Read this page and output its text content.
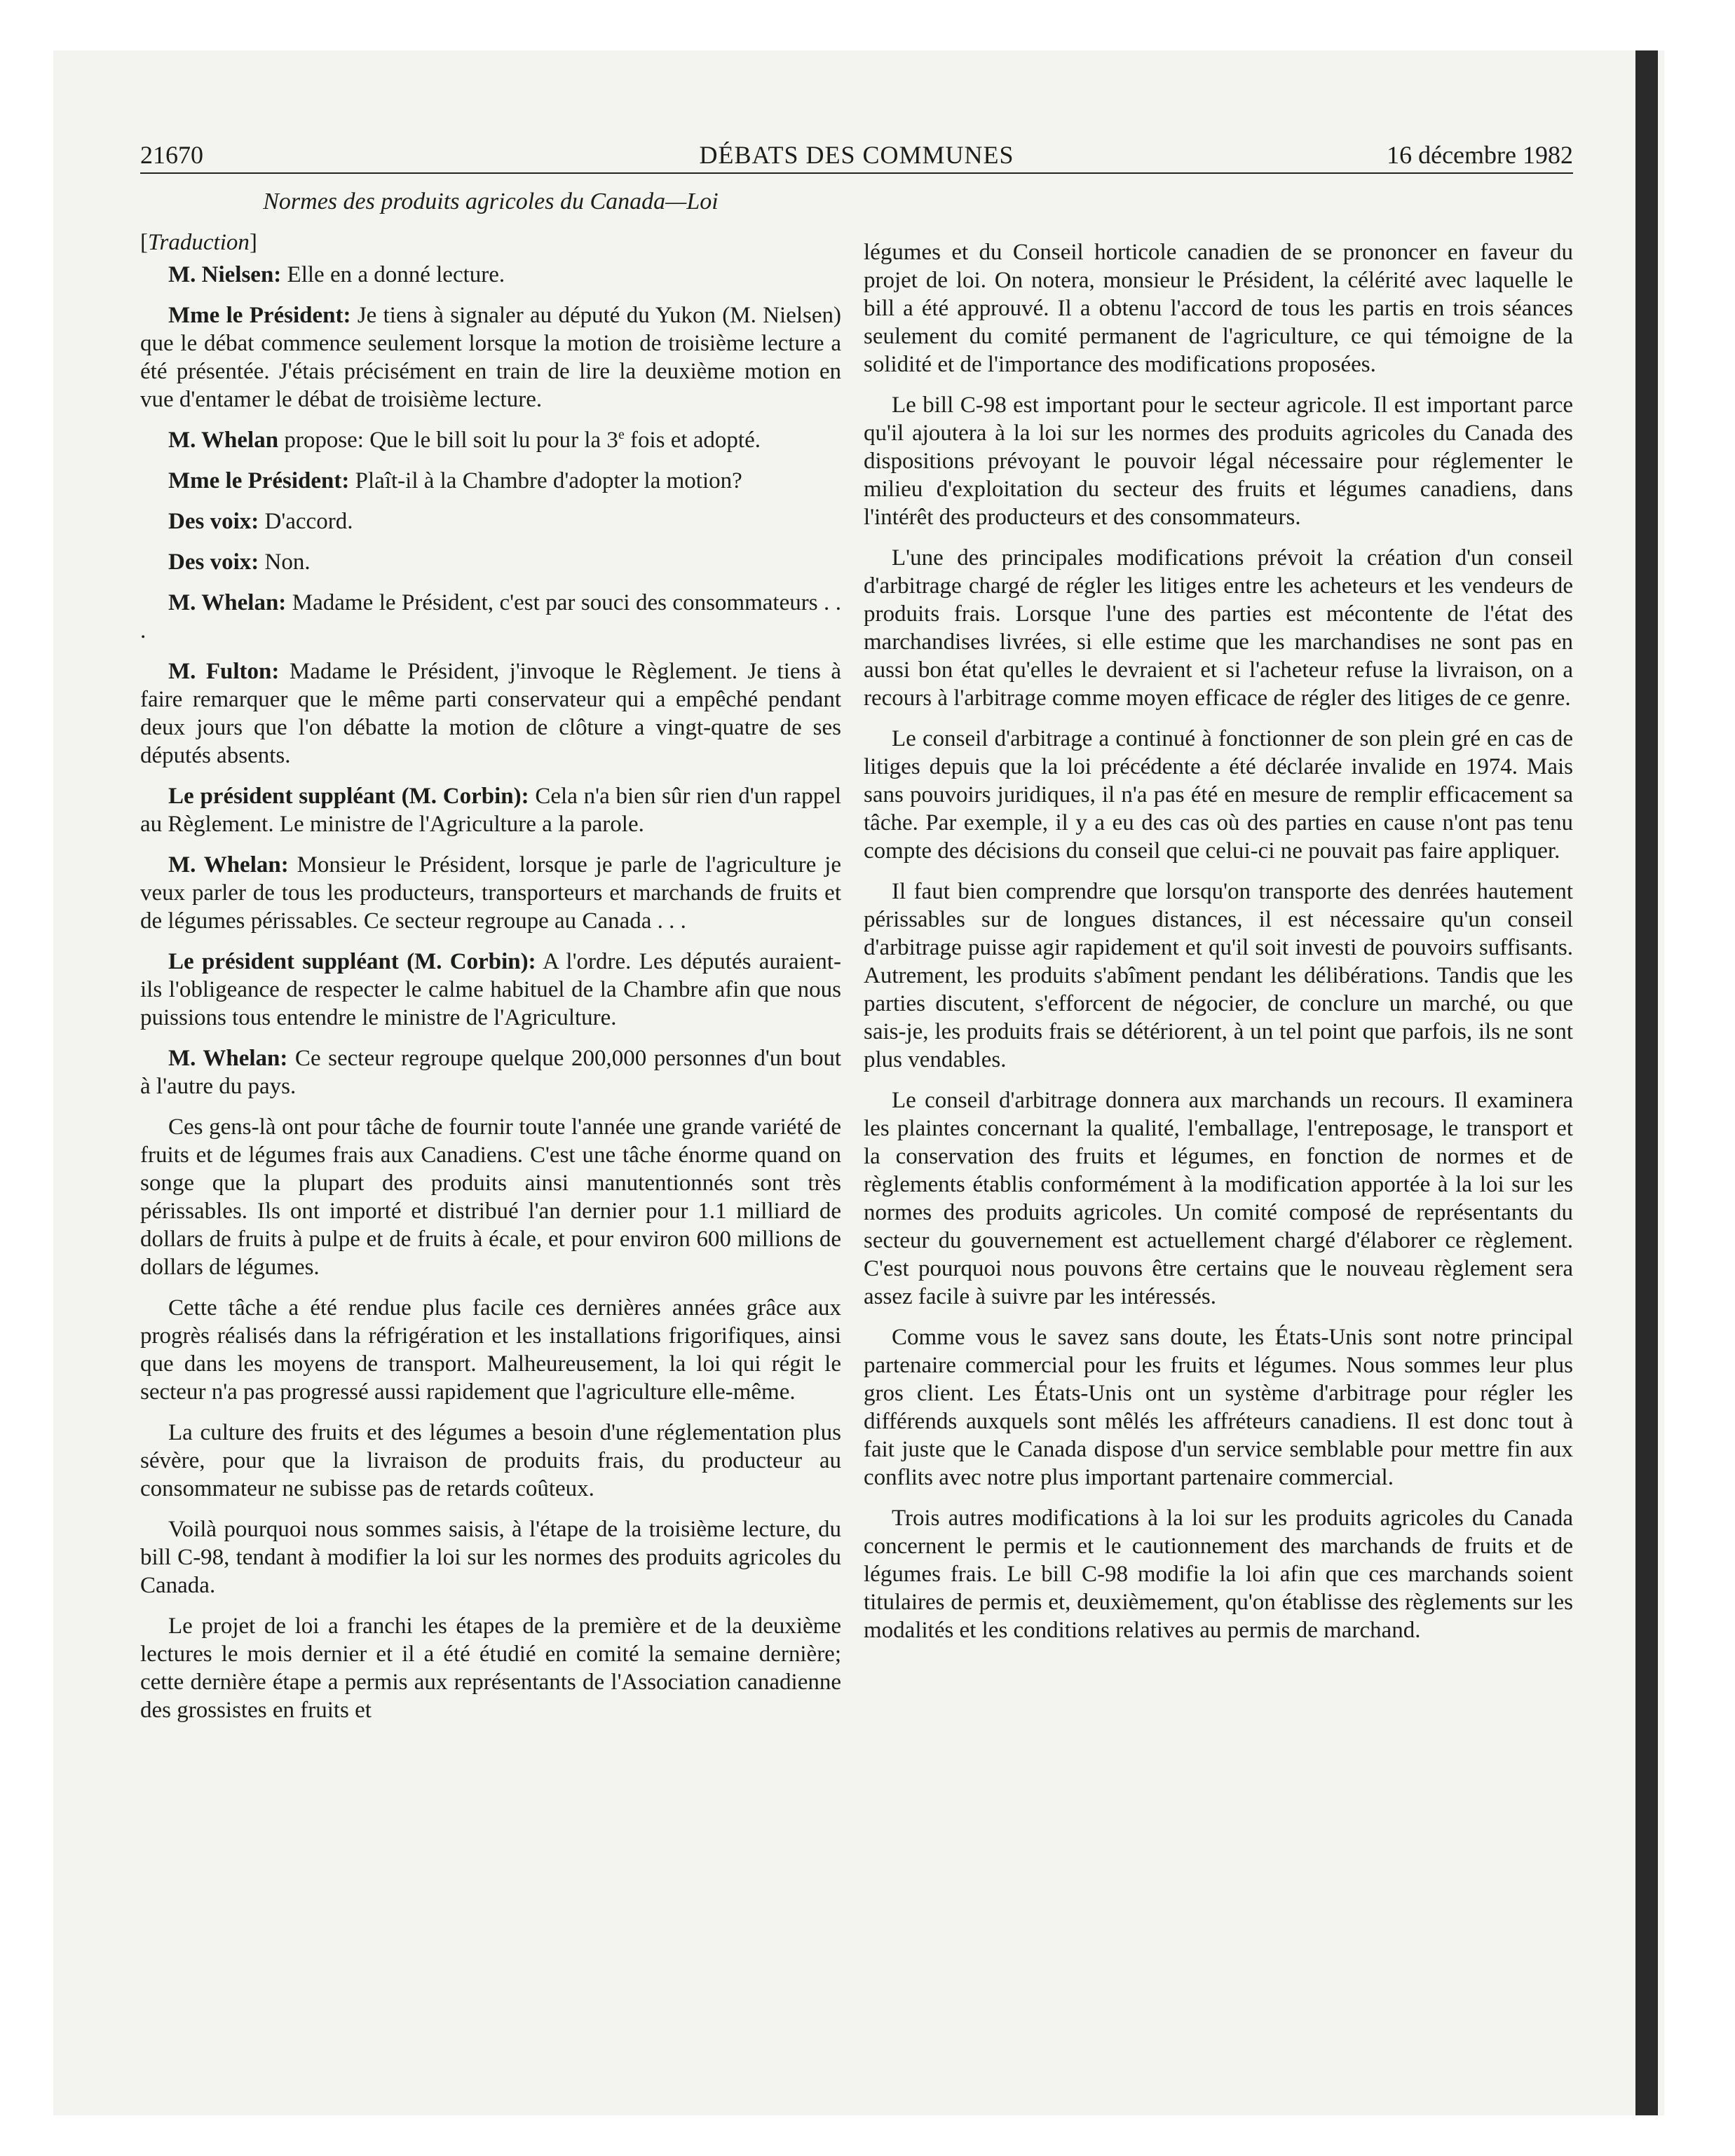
21670	DÉBATS DES COMMUNES	16 décembre 1982
Normes des produits agricoles du Canada—Loi
[Traduction]

M. Nielsen: Elle en a donné lecture.

Mme le Président: Je tiens à signaler au député du Yukon (M. Nielsen) que le débat commence seulement lorsque la motion de troisième lecture a été présentée. J'étais précisément en train de lire la deuxième motion en vue d'entamer le débat de troisième lecture.

M. Whelan propose: Que le bill soit lu pour la 3e fois et adopté.

Mme le Président: Plaît-il à la Chambre d'adopter la motion?

Des voix: D'accord.

Des voix: Non.

M. Whelan: Madame le Président, c'est par souci des consommateurs . . .

M. Fulton: Madame le Président, j'invoque le Règlement. Je tiens à faire remarquer que le même parti conservateur qui a empêché pendant deux jours que l'on débatte la motion de clôture a vingt-quatre de ses députés absents.

Le président suppléant (M. Corbin): Cela n'a bien sûr rien d'un rappel au Règlement. Le ministre de l'Agriculture a la parole.

M. Whelan: Monsieur le Président, lorsque je parle de l'agriculture je veux parler de tous les producteurs, transporteurs et marchands de fruits et de légumes périssables. Ce secteur regroupe au Canada . . .

Le président suppléant (M. Corbin): A l'ordre. Les députés auraient-ils l'obligeance de respecter le calme habituel de la Chambre afin que nous puissions tous entendre le ministre de l'Agriculture.

M. Whelan: Ce secteur regroupe quelque 200,000 personnes d'un bout à l'autre du pays.

Ces gens-là ont pour tâche de fournir toute l'année une grande variété de fruits et de légumes frais aux Canadiens. C'est une tâche énorme quand on songe que la plupart des produits ainsi manutentionnés sont très périssables. Ils ont importé et distribué l'an dernier pour 1.1 milliard de dollars de fruits à pulpe et de fruits à écale, et pour environ 600 millions de dollars de légumes.

Cette tâche a été rendue plus facile ces dernières années grâce aux progrès réalisés dans la réfrigération et les installations frigorifiques, ainsi que dans les moyens de transport. Malheureusement, la loi qui régit le secteur n'a pas progressé aussi rapidement que l'agriculture elle-même.

La culture des fruits et des légumes a besoin d'une réglementation plus sévère, pour que la livraison de produits frais, du producteur au consommateur ne subisse pas de retards coûteux.

Voilà pourquoi nous sommes saisis, à l'étape de la troisième lecture, du bill C-98, tendant à modifier la loi sur les normes des produits agricoles du Canada.

Le projet de loi a franchi les étapes de la première et de la deuxième lectures le mois dernier et il a été étudié en comité la semaine dernière; cette dernière étape a permis aux représentants de l'Association canadienne des grossistes en fruits et

légumes et du Conseil horticole canadien de se prononcer en faveur du projet de loi. On notera, monsieur le Président, la célérité avec laquelle le bill a été approuvé. Il a obtenu l'accord de tous les partis en trois séances seulement du comité permanent de l'agriculture, ce qui témoigne de la solidité et de l'importance des modifications proposées.

Le bill C-98 est important pour le secteur agricole. Il est important parce qu'il ajoutera à la loi sur les normes des produits agricoles du Canada des dispositions prévoyant le pouvoir légal nécessaire pour réglementer le milieu d'exploitation du secteur des fruits et légumes canadiens, dans l'intérêt des producteurs et des consommateurs.

L'une des principales modifications prévoit la création d'un conseil d'arbitrage chargé de régler les litiges entre les acheteurs et les vendeurs de produits frais. Lorsque l'une des parties est mécontente de l'état des marchandises livrées, si elle estime que les marchandises ne sont pas en aussi bon état qu'elles le devraient et si l'acheteur refuse la livraison, on a recours à l'arbitrage comme moyen efficace de régler des litiges de ce genre.

Le conseil d'arbitrage a continué à fonctionner de son plein gré en cas de litiges depuis que la loi précédente a été déclarée invalide en 1974. Mais sans pouvoirs juridiques, il n'a pas été en mesure de remplir efficacement sa tâche. Par exemple, il y a eu des cas où des parties en cause n'ont pas tenu compte des décisions du conseil que celui-ci ne pouvait pas faire appliquer.

Il faut bien comprendre que lorsqu'on transporte des denrées hautement périssables sur de longues distances, il est nécessaire qu'un conseil d'arbitrage puisse agir rapidement et qu'il soit investi de pouvoirs suffisants. Autrement, les produits s'abîment pendant les délibérations. Tandis que les parties discutent, s'efforcent de négocier, de conclure un marché, ou que sais-je, les produits frais se détériorent, à un tel point que parfois, ils ne sont plus vendables.

Le conseil d'arbitrage donnera aux marchands un recours. Il examinera les plaintes concernant la qualité, l'emballage, l'entreposage, le transport et la conservation des fruits et légumes, en fonction de normes et de règlements établis conformément à la modification apportée à la loi sur les normes des produits agricoles. Un comité composé de représentants du secteur du gouvernement est actuellement chargé d'élaborer ce règlement. C'est pourquoi nous pouvons être certains que le nouveau règlement sera assez facile à suivre par les intéressés.

Comme vous le savez sans doute, les États-Unis sont notre principal partenaire commercial pour les fruits et légumes. Nous sommes leur plus gros client. Les États-Unis ont un système d'arbitrage pour régler les différends auxquels sont mêlés les affréteurs canadiens. Il est donc tout à fait juste que le Canada dispose d'un service semblable pour mettre fin aux conflits avec notre plus important partenaire commercial.

Trois autres modifications à la loi sur les produits agricoles du Canada concernent le permis et le cautionnement des marchands de fruits et de légumes frais. Le bill C-98 modifie la loi afin que ces marchands soient titulaires de permis et, deuxièmement, qu'on établisse des règlements sur les modalités et les conditions relatives au permis de marchand.
